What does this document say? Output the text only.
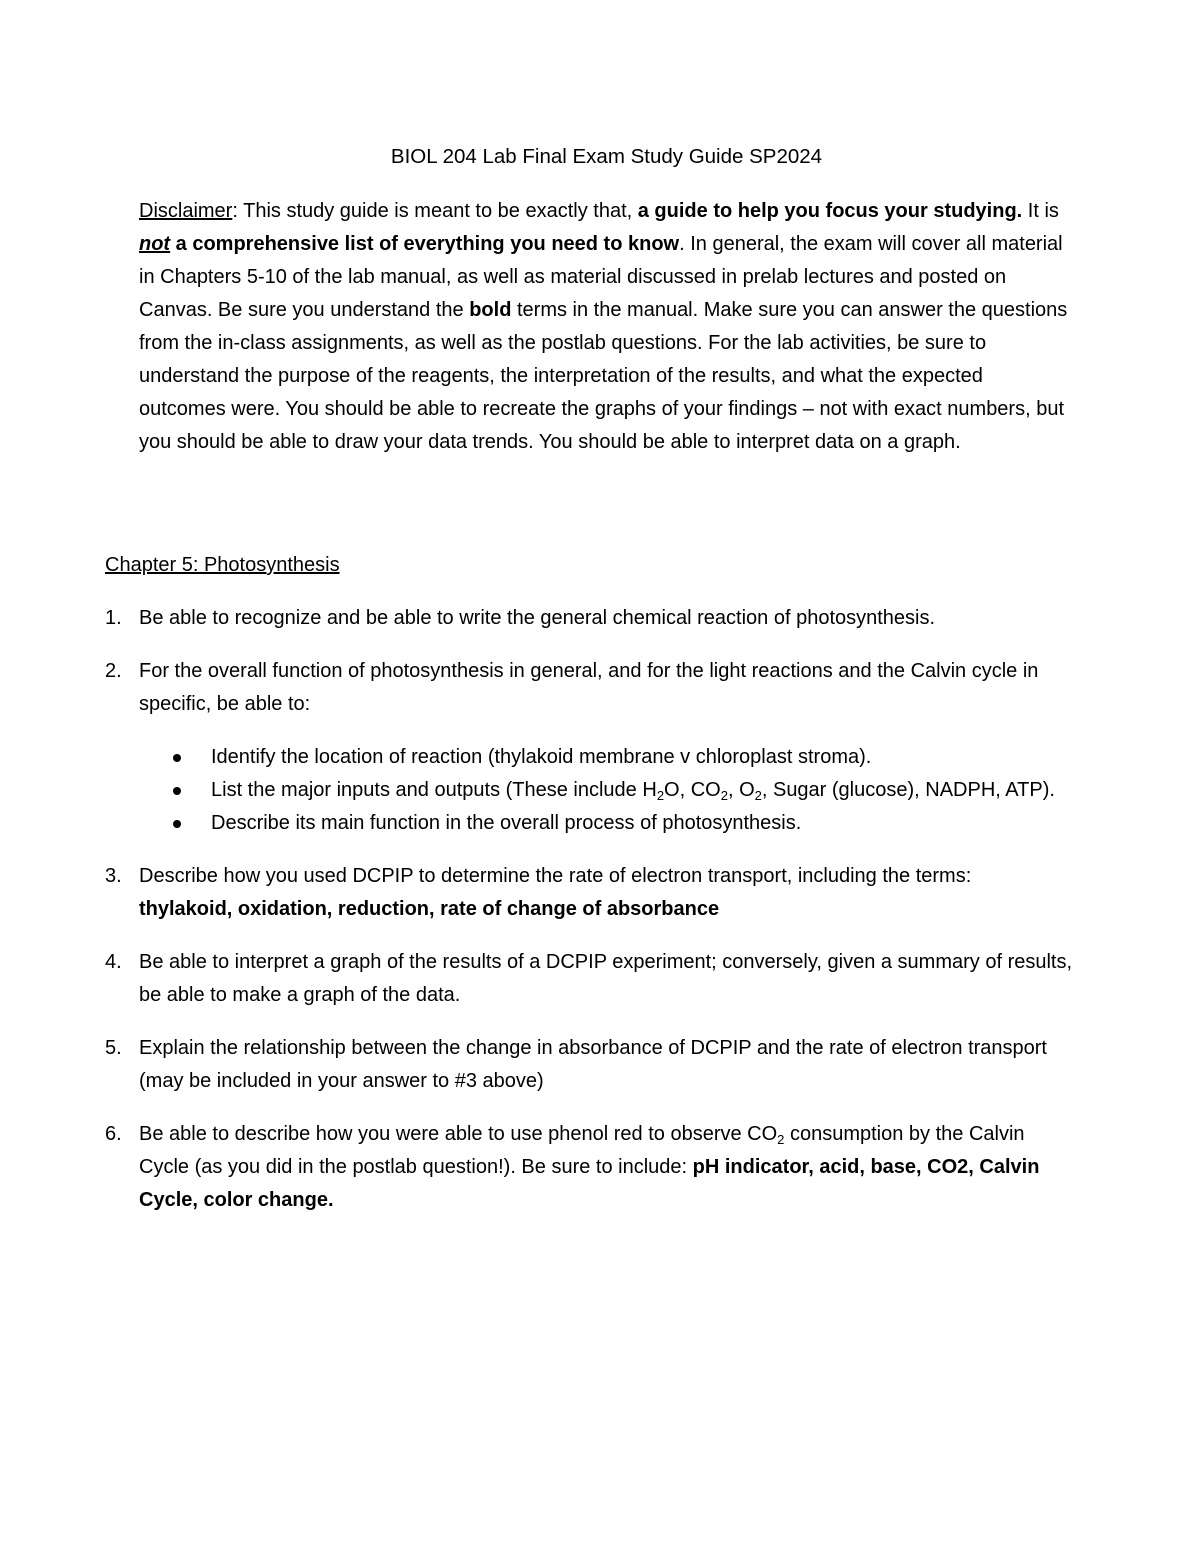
BIOL 204 Lab Final Exam Study Guide SP2024

Disclaimer: This study guide is meant to be exactly that, a guide to help you focus your studying. It is not a comprehensive list of everything you need to know. In general, the exam will cover all material in Chapters 5-10 of the lab manual, as well as material discussed in prelab lectures and posted on Canvas. Be sure you understand the bold terms in the manual. Make sure you can answer the questions from the in-class assignments, as well as the postlab questions. For the lab activities, be sure to understand the purpose of the reagents, the interpretation of the results, and what the expected outcomes were. You should be able to recreate the graphs of your findings – not with exact numbers, but you should be able to draw your data trends. You should be able to interpret data on a graph.

Chapter 5: Photosynthesis
1. Be able to recognize and be able to write the general chemical reaction of photosynthesis.
2. For the overall function of photosynthesis in general, and for the light reactions and the Calvin cycle in specific, be able to:
Identify the location of reaction (thylakoid membrane v chloroplast stroma).
List the major inputs and outputs (These include $H_2O$, $CO_2$, $O_2$, Sugar (glucose), NADPH, ATP).
Describe its main function in the overall process of photosynthesis.
3. Describe how you used DCPIP to determine the rate of electron transport, including the terms:
thylakoid, oxidation, reduction, rate of change of absorbance
4. Be able to interpret a graph of the results of a DCPIP experiment; conversely, given a summary of results, be able to make a graph of the data.
5. Explain the relationship between the change in absorbance of DCPIP and the rate of electron transport (may be included in your answer to #3 above)
6. Be able to describe how you were able to use phenol red to observe $CO_2$ consumption by the Calvin Cycle (as you did in the postlab question!). Be sure to include: pH indicator, acid, base, CO2, Calvin Cycle, color change.
